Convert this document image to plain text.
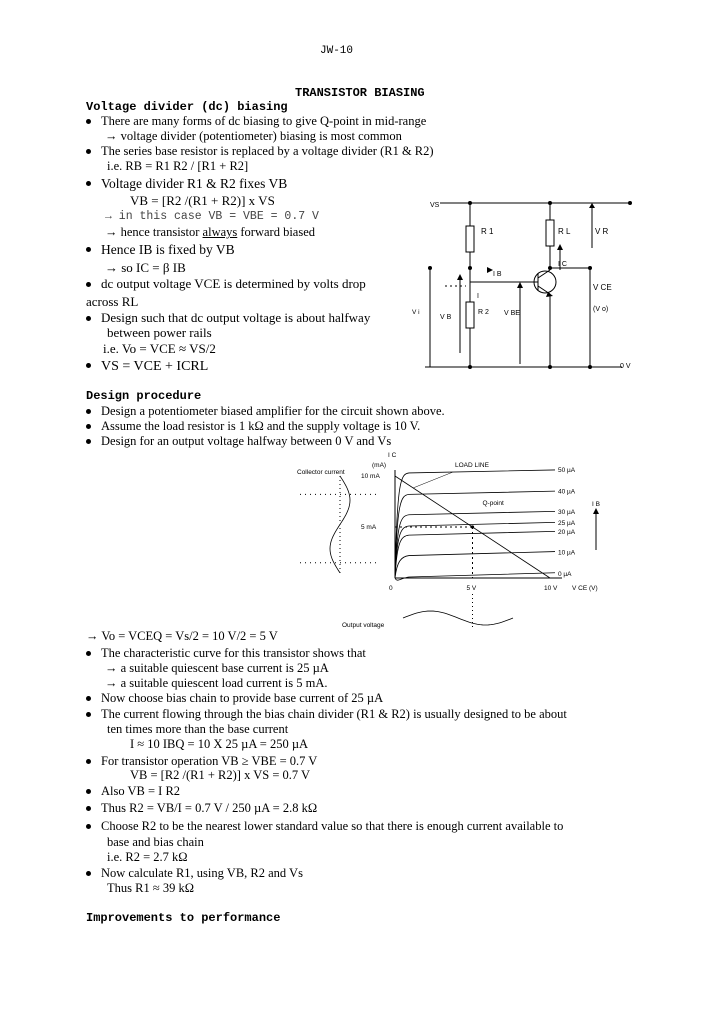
JW-10
TRANSISTOR BIASING
Voltage divider (dc) biasing
There are many forms of dc biasing to give Q-point in mid-range
→ voltage divider (potentiometer) biasing is most common
The series base resistor is replaced by a voltage divider (R1 & R2)
i.e. RB = R1 R2 / [R1 + R2]
Voltage divider R1 & R2 fixes VB
VB = [R2 /(R1 + R2)] x VS
→ in this case VB = VBE = 0.7 V
→ hence transistor always forward biased
Hence IB is fixed by VB
→ so IC = β IB
dc output voltage VCE is determined by volts drop
across RL
Design such that dc output voltage is about halfway
between power rails
i.e. Vo = VCE ≈ VS/2
VS = VCE + ICRL
VS
R 1	R L	V R
I B
I C
V CE
I
(V o)
V i
V B
R 2 V BE
0 V
Design procedure
Design a potentiometer biased amplifier for the circuit shown above.
Assume the load resistor is 1 kΩ and the supply voltage is 10 V.
Design for an output voltage halfway between 0 V and Vs
I C
(mA)
Collector current
LOAD LINE
I B
Output voltage
50 µA
40 µA
30 µA
25 µA
20 µA
10 µA
0 µA
Q-point
5 mA
10 mA
0	5 V	10 V V CE (V)
→ Vo = VCEQ = Vs/2 = 10 V/2 = 5 V
The characteristic curve for this transistor shows that
→ a suitable quiescent base current is 25 µA
→ a suitable quiescent load current is 5 mA.
Now choose bias chain to provide base current of 25 µA
The current flowing through the bias chain divider (R1 & R2) is usually designed to be about
ten times more than the base current
I ≈ 10 IBQ = 10 X 25 µA = 250 µA
For transistor operation VB ≥ VBE = 0.7 V
VB = [R2 /(R1 + R2)] x VS = 0.7 V
Also VB = I R2
Thus R2 = VB/I = 0.7 V / 250 µA = 2.8 kΩ
Choose R2 to be the nearest lower standard value so that there is enough current available to
base and bias chain
i.e. R2 = 2.7 kΩ
Now calculate R1, using VB, R2 and Vs
Thus R1 ≈ 39 kΩ
Improvements to performance
